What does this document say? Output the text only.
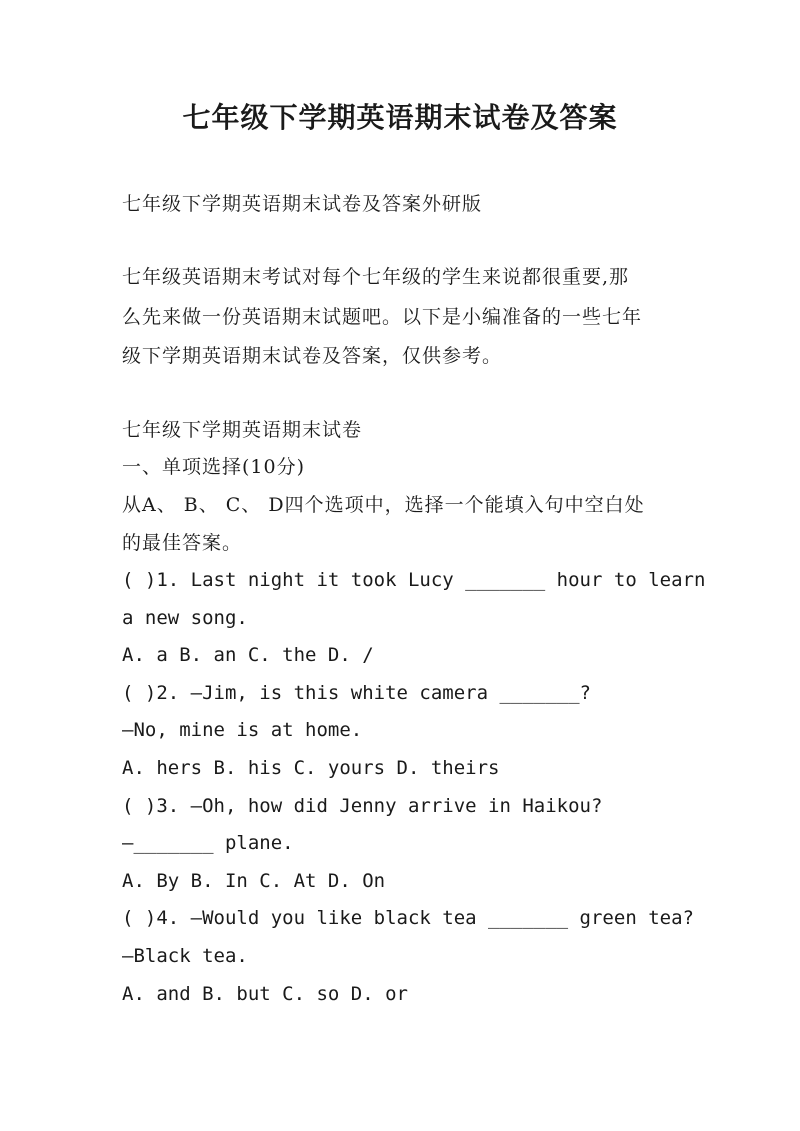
七年级下学期英语期末试卷及答案
七年级下学期英语期末试卷及答案外研版
七年级英语期末考试对每个七年级的学生来说都很重要,那
么先来做一份英语期末试题吧。以下是小编准备的一些七年
级下学期英语期末试卷及答案，仅供参考。
七年级下学期英语期末试卷
一、单项选择(10分)
从A、 B、 C、 D四个选项中，选择一个能填入句中空白处
的最佳答案。
( )1. Last night it took Lucy _______ hour to learn
a new song.
A. a B. an C. the D. /
( )2. —Jim, is this white camera _______?
—No, mine is at home.
A. hers B. his C. yours D. theirs
( )3. —Oh, how did Jenny arrive in Haikou?
—_______ plane.
A. By B. In C. At D. On
( )4. —Would you like black tea _______ green tea?
—Black tea.
A. and B. but C. so D. or
